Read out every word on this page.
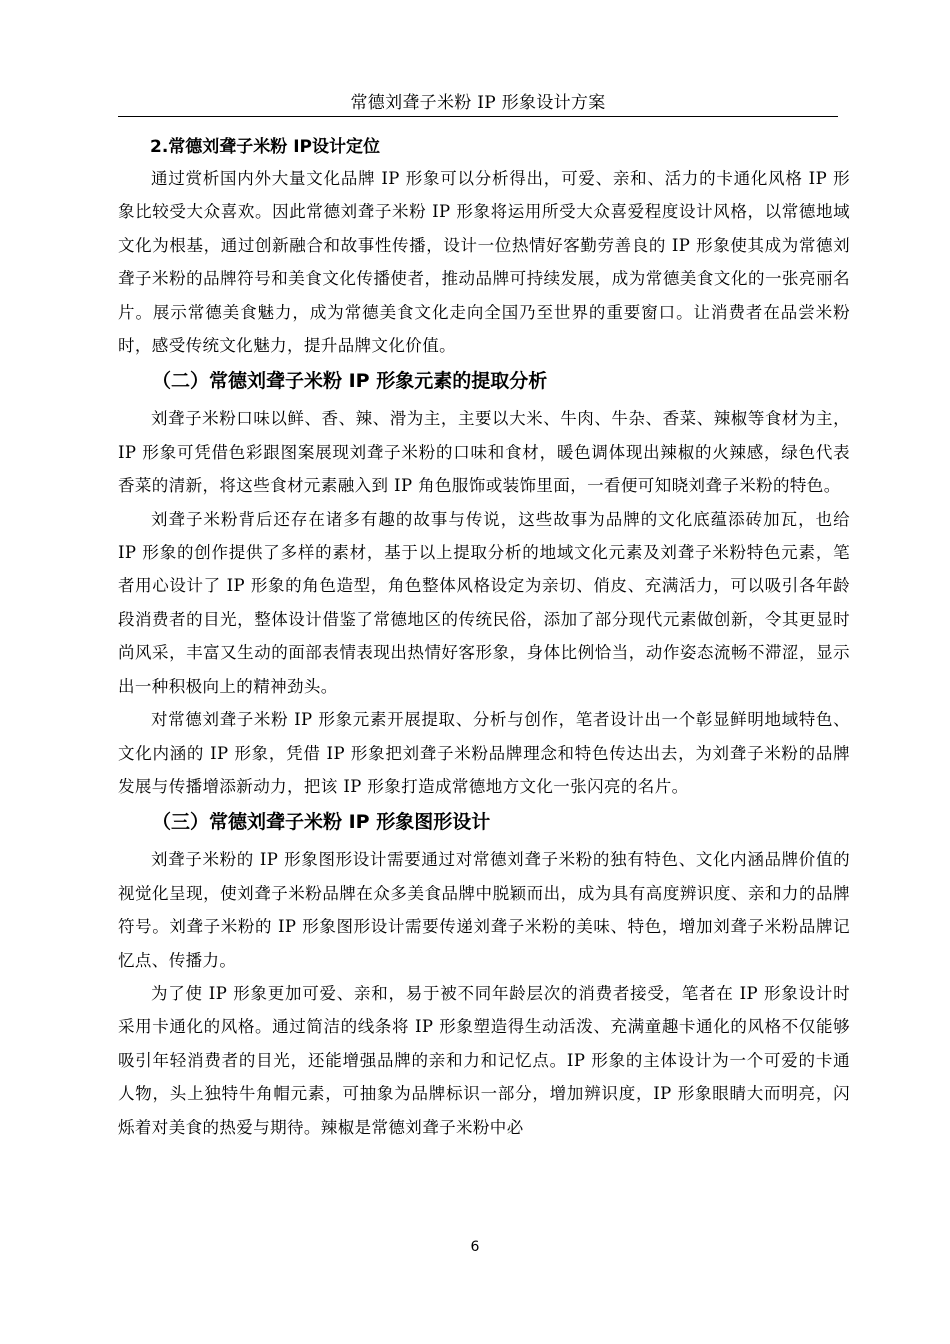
常德刘聋子米粉 IP 形象设计方案

2.常德刘聋子米粉 IP设计定位

通过赏析国内外大量文化品牌 IP 形象可以分析得出，可爱、亲和、活力的卡通化风格 IP 形象比较受大众喜欢。因此常德刘聋子米粉 IP 形象将运用所受大众喜爱程度设计风格，以常德地域文化为根基，通过创新融合和故事性传播，设计一位热情好客勤劳善良的 IP 形象使其成为常德刘聋子米粉的品牌符号和美食文化传播使者，推动品牌可持续发展，成为常德美食文化的一张亮丽名片。展示常德美食魅力，成为常德美食文化走向全国乃至世界的重要窗口。让消费者在品尝米粉时，感受传统文化魅力，提升品牌文化价值。

（二）常德刘聋子米粉 IP 形象元素的提取分析

刘聋子米粉口味以鲜、香、辣、滑为主，主要以大米、牛肉、牛杂、香菜、辣椒等食材为主，IP 形象可凭借色彩跟图案展现刘聋子米粉的口味和食材，暖色调体现出辣椒的火辣感，绿色代表香菜的清新，将这些食材元素融入到 IP 角色服饰或装饰里面，一看便可知晓刘聋子米粉的特色。

刘聋子米粉背后还存在诸多有趣的故事与传说，这些故事为品牌的文化底蕴添砖加瓦，也给 IP 形象的创作提供了多样的素材，基于以上提取分析的地域文化元素及刘聋子米粉特色元素，笔者用心设计了 IP 形象的角色造型，角色整体风格设定为亲切、俏皮、充满活力，可以吸引各年龄段消费者的目光，整体设计借鉴了常德地区的传统民俗，添加了部分现代元素做创新，令其更显时尚风采，丰富又生动的面部表情表现出热情好客形象，身体比例恰当，动作姿态流畅不滞涩，显示出一种积极向上的精神劲头。

对常德刘聋子米粉 IP 形象元素开展提取、分析与创作，笔者设计出一个彰显鲜明地域特色、文化内涵的 IP 形象，凭借 IP 形象把刘聋子米粉品牌理念和特色传达出去，为刘聋子米粉的品牌发展与传播增添新动力，把该 IP 形象打造成常德地方文化一张闪亮的名片。

（三）常德刘聋子米粉 IP 形象图形设计

刘聋子米粉的 IP 形象图形设计需要通过对常德刘聋子米粉的独有特色、文化内涵品牌价值的视觉化呈现，使刘聋子米粉品牌在众多美食品牌中脱颖而出，成为具有高度辨识度、亲和力的品牌符号。刘聋子米粉的 IP 形象图形设计需要传递刘聋子米粉的美味、特色，增加刘聋子米粉品牌记忆点、传播力。

为了使 IP 形象更加可爱、亲和，易于被不同年龄层次的消费者接受，笔者在 IP 形象设计时采用卡通化的风格。通过简洁的线条将 IP 形象塑造得生动活泼、充满童趣卡通化的风格不仅能够吸引年轻消费者的目光，还能增强品牌的亲和力和记忆点。IP 形象的主体设计为一个可爱的卡通人物，头上独特牛角帽元素，可抽象为品牌标识一部分，增加辨识度，IP 形象眼睛大而明亮，闪烁着对美食的热爱与期待。辣椒是常德刘聋子米粉中必

6
